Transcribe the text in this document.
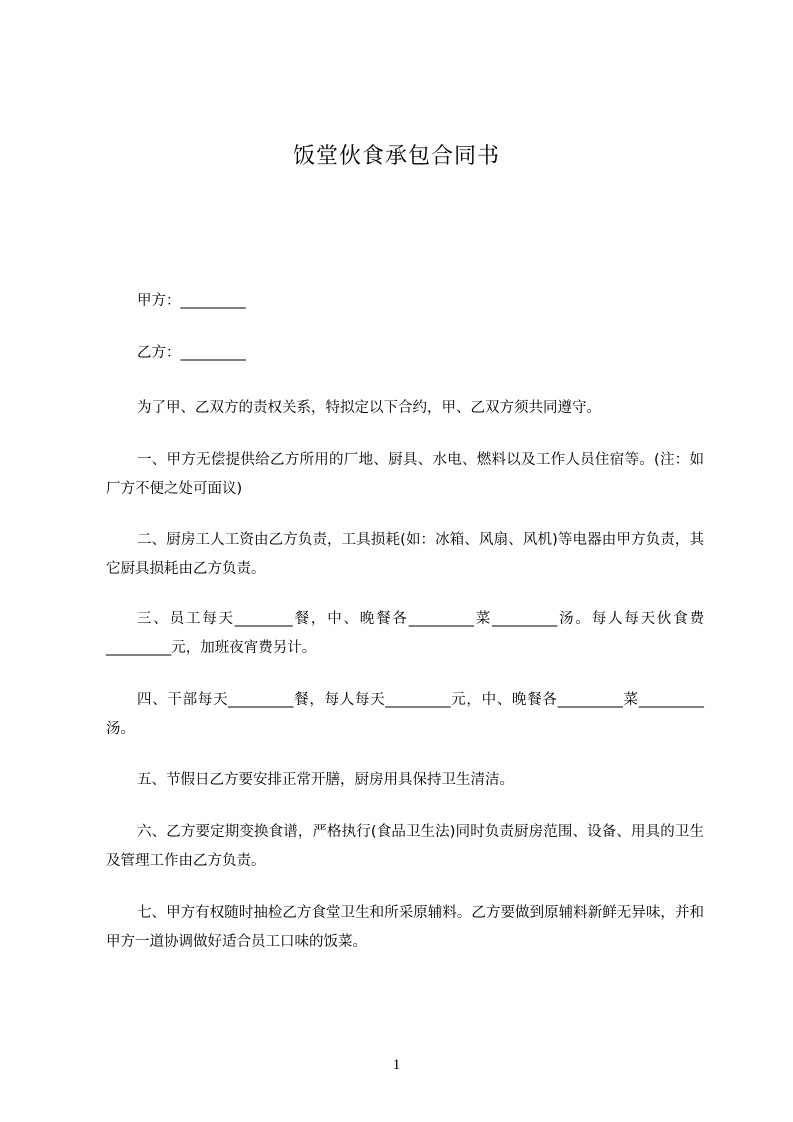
饭堂伙食承包合同书
甲方：_________
乙方：_________
为了甲、乙双方的责权关系，特拟定以下合约，甲、乙双方须共同遵守。
一、甲方无偿提供给乙方所用的厂地、厨具、水电、燃料以及工作人员住宿等。(注：如厂方不便之处可面议)
二、厨房工人工资由乙方负责，工具损耗(如：冰箱、风扇、风机)等电器由甲方负责，其它厨具损耗由乙方负责。
三、员工每天________餐，中、晚餐各_________菜_________汤。每人每天伙食费_________元，加班夜宵费另计。
四、干部每天_________餐，每人每天_________元，中、晚餐各_________菜_________汤。
五、节假日乙方要安排正常开膳，厨房用具保持卫生清洁。
六、乙方要定期变换食谱，严格执行(食品卫生法)同时负责厨房范围、设备、用具的卫生及管理工作由乙方负责。
七、甲方有权随时抽检乙方食堂卫生和所采原辅料。乙方要做到原辅料新鲜无异味，并和甲方一道协调做好适合员工口味的饭菜。
1
